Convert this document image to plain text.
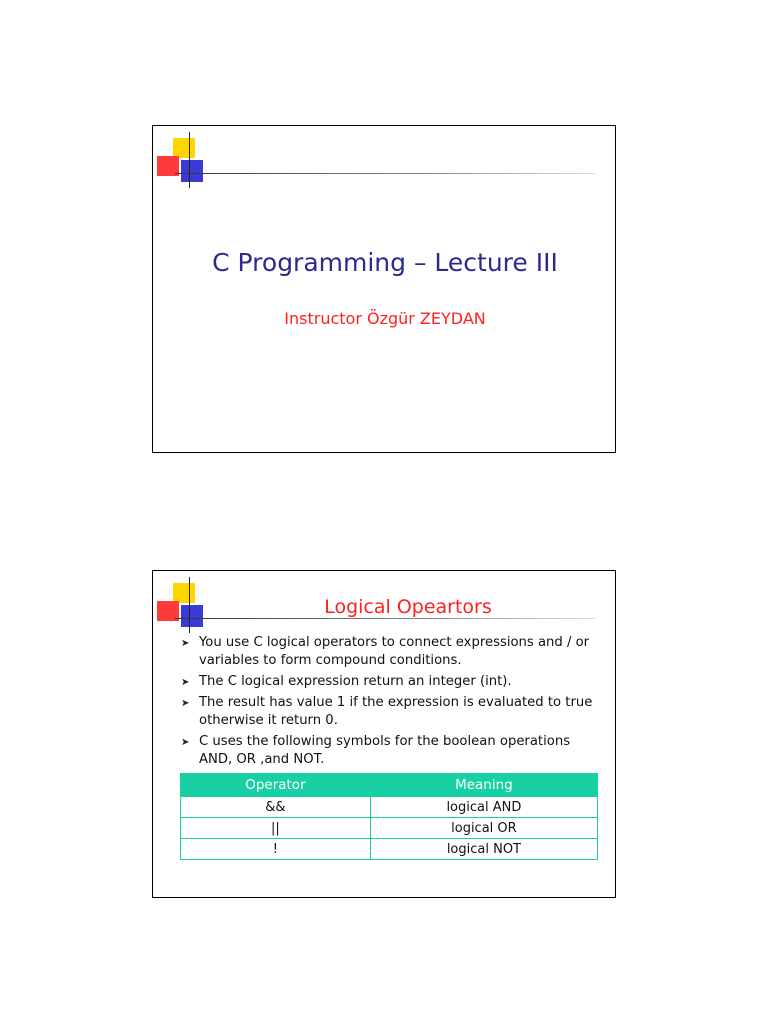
C Programming – Lecture III
Instructor Özgür ZEYDAN
Logical Opeartors
➤ You use C logical operators to connect expressions and / or variables to form compound conditions.
➤ The C logical expression return an integer (int).
➤ The result has value 1 if the expression is evaluated to true otherwise it return 0.
➤ C uses the following symbols for the boolean operations AND, OR ,and NOT.
Operator	Meaning
&&	logical AND
||	logical OR
!	logical NOT
